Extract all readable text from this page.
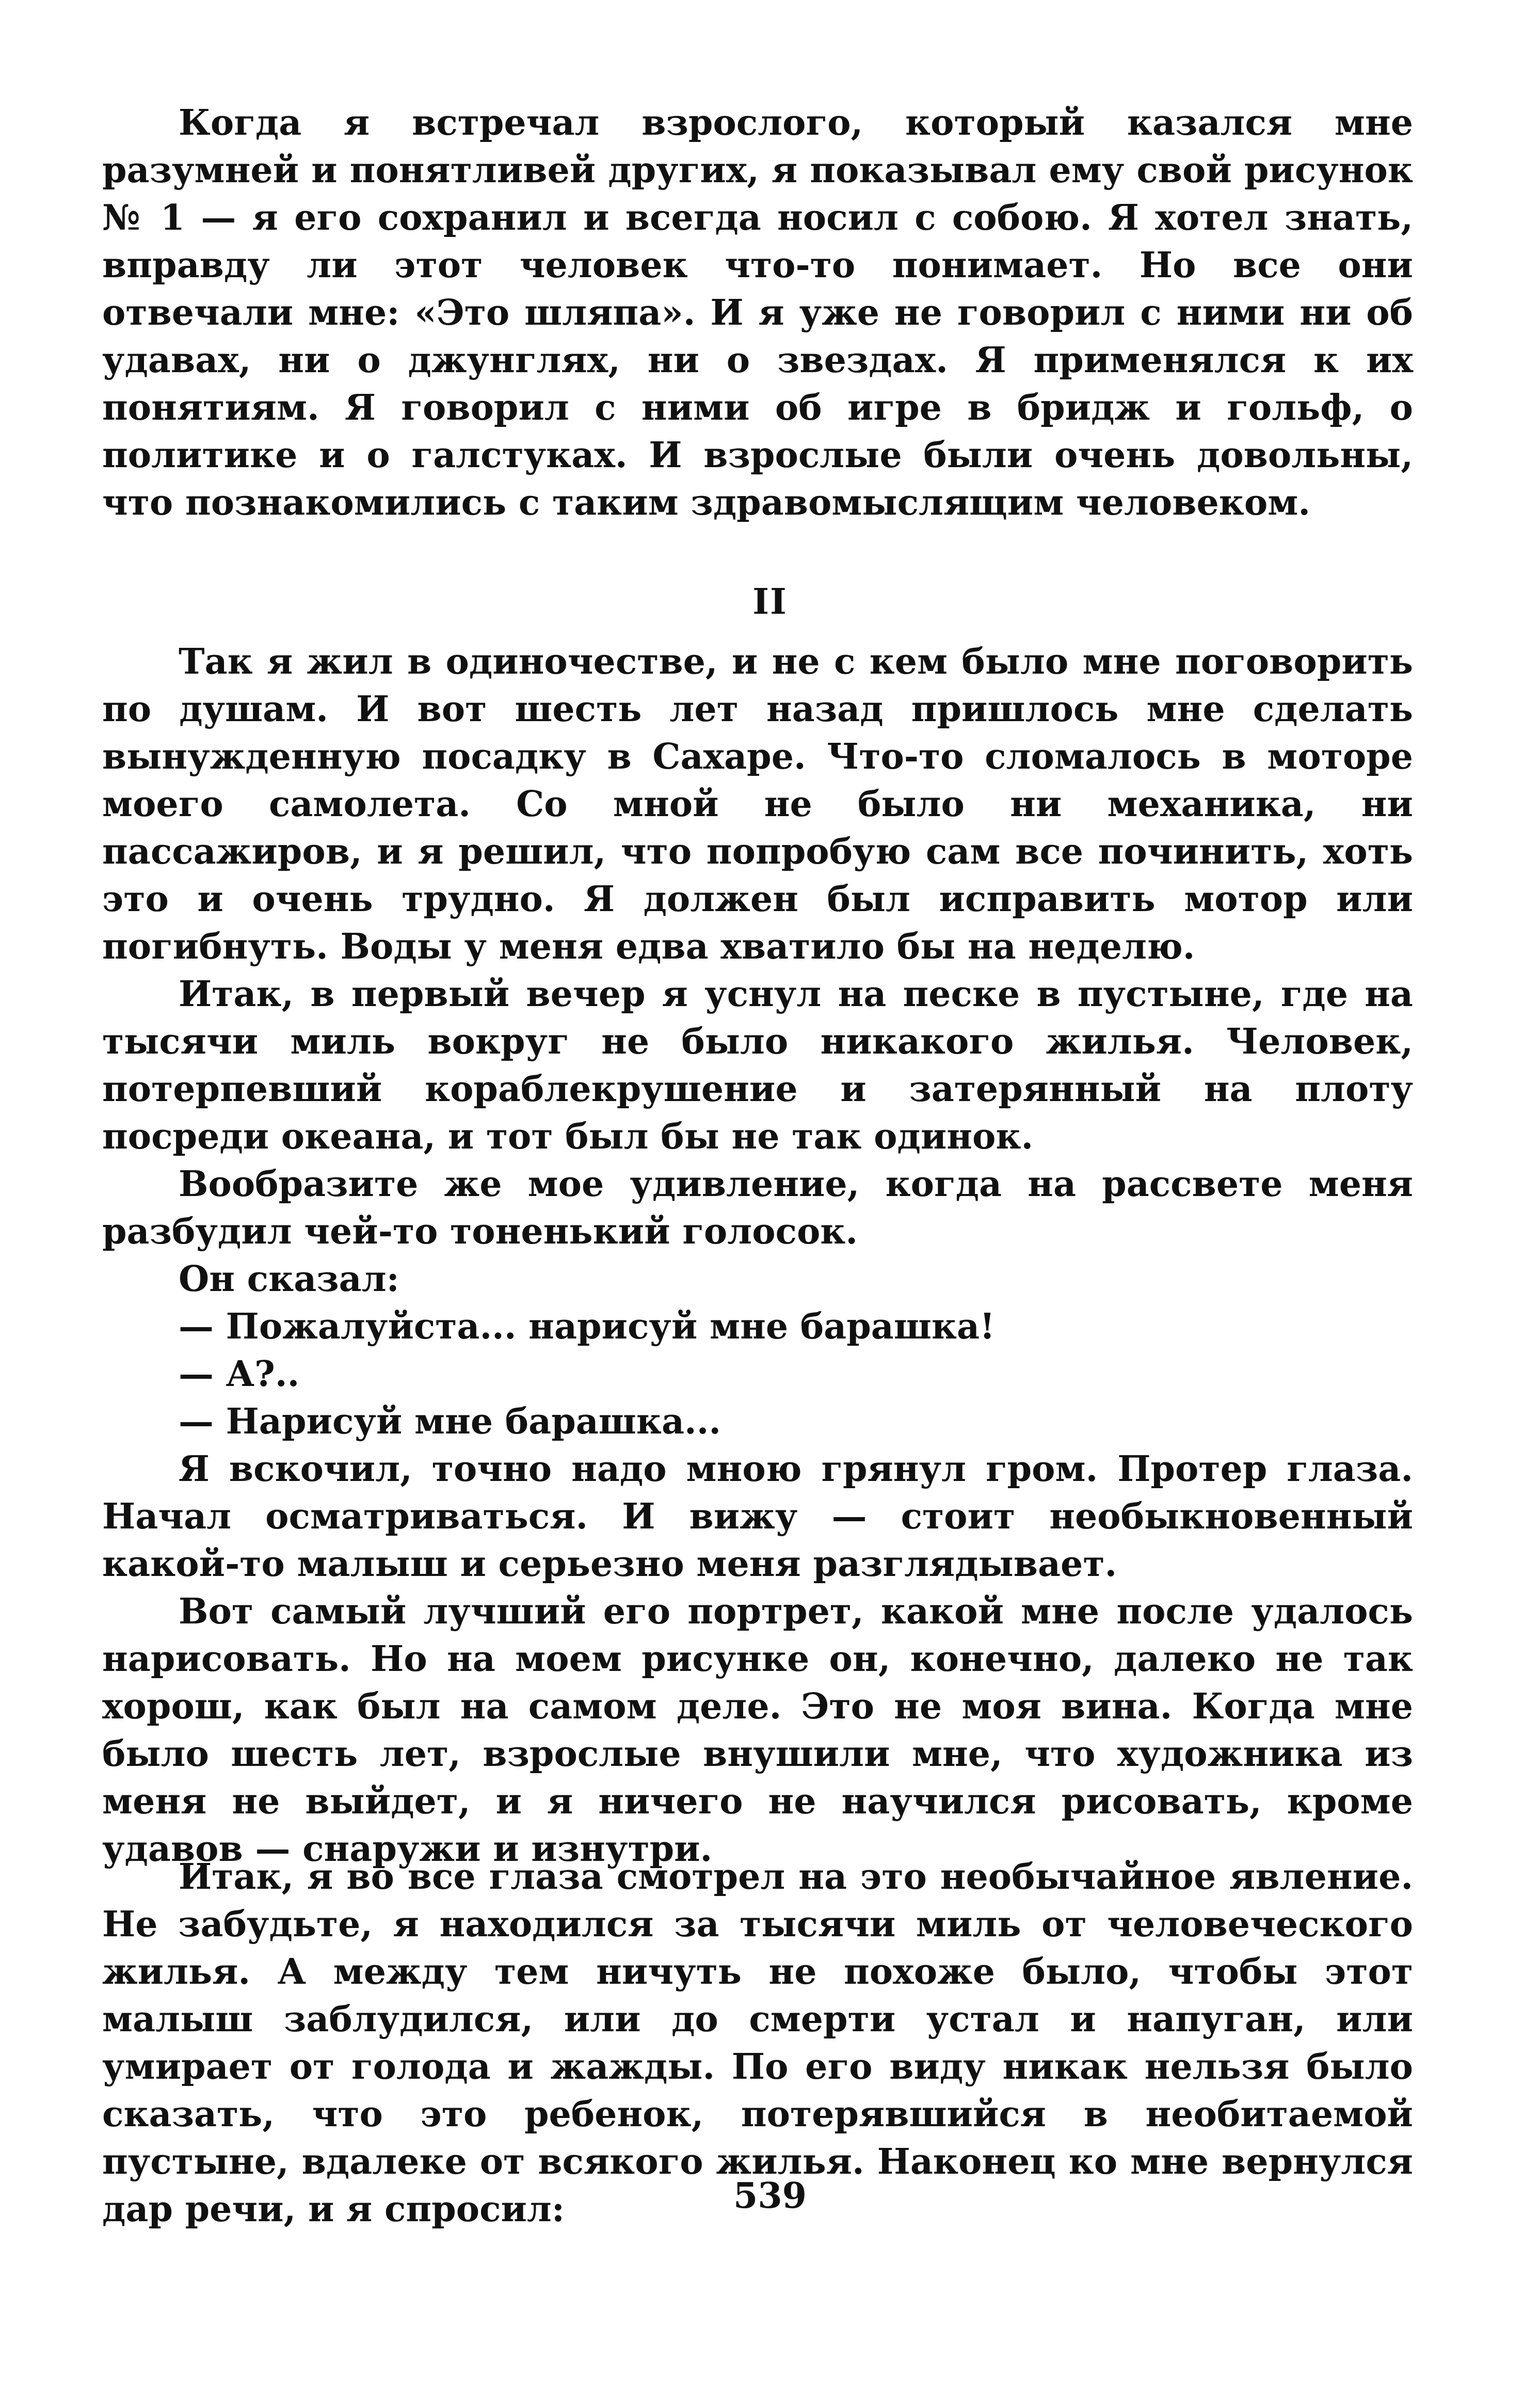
Когда я встречал взрослого, который казался мне разумней и понятливей других, я показывал ему свой рисунок № 1 — я его сохранил и всегда носил с собою. Я хотел знать, вправду ли этот человек что-то понимает. Но все они отвечали мне: «Это шляпа». И я уже не говорил с ними ни об удавах, ни о джунглях, ни о звездах. Я применялся к их понятиям. Я говорил с ними об игре в бридж и гольф, о политике и о галстуках. И взрослые были очень довольны, что познакомились с таким здравомыслящим человеком.

II

Так я жил в одиночестве, и не с кем было мне поговорить по душам. И вот шесть лет назад пришлось мне сделать вынужденную посадку в Сахаре. Что-то сломалось в моторе моего самолета. Со мной не было ни механика, ни пассажиров, и я решил, что попробую сам все починить, хоть это и очень трудно. Я должен был исправить мотор или погибнуть. Воды у меня едва хватило бы на неделю.

Итак, в первый вечер я уснул на песке в пустыне, где на тысячи миль вокруг не было никакого жилья. Человек, потерпевший кораблекрушение и затерянный на плоту посреди океана, и тот был бы не так одинок.

Вообразите же мое удивление, когда на рассвете меня разбудил чей-то тоненький голосок.

Он сказал:

— Пожалуйста... нарисуй мне барашка!

— А?..

— Нарисуй мне барашка...

Я вскочил, точно надо мною грянул гром. Протер глаза. Начал осматриваться. И вижу — стоит необыкновенный какой-то малыш и серьезно меня разглядывает.

Вот самый лучший его портрет, какой мне после удалось нарисовать. Но на моем рисунке он, конечно, далеко не так хорош, как был на самом деле. Это не моя вина. Когда мне было шесть лет, взрослые внушили мне, что художника из меня не выйдет, и я ничего не научился рисовать, кроме удавов — снаружи и изнутри.

Итак, я во все глаза смотрел на это необычайное явление. Не забудьте, я находился за тысячи миль от человеческого жилья. А между тем ничуть не похоже было, чтобы этот малыш заблудился, или до смерти устал и напуган, или умирает от голода и жажды. По его виду никак нельзя было сказать, что это ребенок, потерявшийся в необитаемой пустыне, вдалеке от всякого жилья. Наконец ко мне вернулся дар речи, и я спросил:	539
